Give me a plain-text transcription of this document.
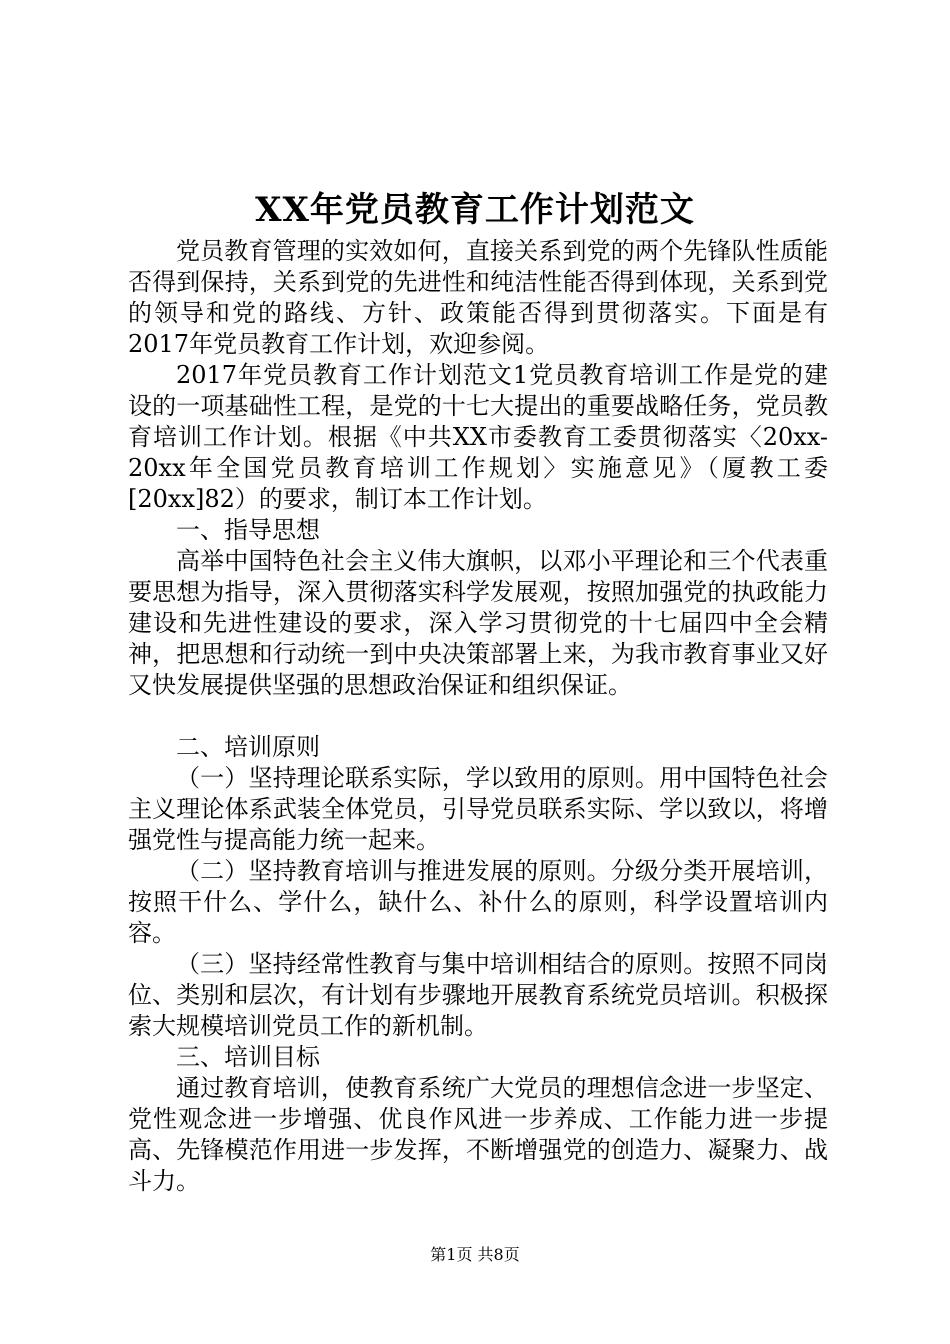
XX年党员教育工作计划范文

党员教育管理的实效如何，直接关系到党的两个先锋队性质能否得到保持，关系到党的先进性和纯洁性能否得到体现，关系到党的领导和党的路线、方针、政策能否得到贯彻落实。下面是有2017年党员教育工作计划，欢迎参阅。

2017年党员教育工作计划范文1党员教育培训工作是党的建设的一项基础性工程，是党的十七大提出的重要战略任务，党员教育培训工作计划。根据《中共XX市委教育工委贯彻落实〈20xx-20xx年全国党员教育培训工作规划〉实施意见》（厦教工委[20xx]82）的要求，制订本工作计划。

一、指导思想

高举中国特色社会主义伟大旗帜，以邓小平理论和三个代表重要思想为指导，深入贯彻落实科学发展观，按照加强党的执政能力建设和先进性建设的要求，深入学习贯彻党的十七届四中全会精神，把思想和行动统一到中央决策部署上来，为我市教育事业又好又快发展提供坚强的思想政治保证和组织保证。

二、培训原则

（一）坚持理论联系实际，学以致用的原则。用中国特色社会主义理论体系武装全体党员，引导党员联系实际、学以致以，将增强党性与提高能力统一起来。

（二）坚持教育培训与推进发展的原则。分级分类开展培训，按照干什么、学什么，缺什么、补什么的原则，科学设置培训内容。

（三）坚持经常性教育与集中培训相结合的原则。按照不同岗位、类别和层次，有计划有步骤地开展教育系统党员培训。积极探索大规模培训党员工作的新机制。

三、培训目标

通过教育培训，使教育系统广大党员的理想信念进一步坚定、党性观念进一步增强、优良作风进一步养成、工作能力进一步提高、先锋模范作用进一步发挥，不断增强党的创造力、凝聚力、战斗力。

第1页 共8页
